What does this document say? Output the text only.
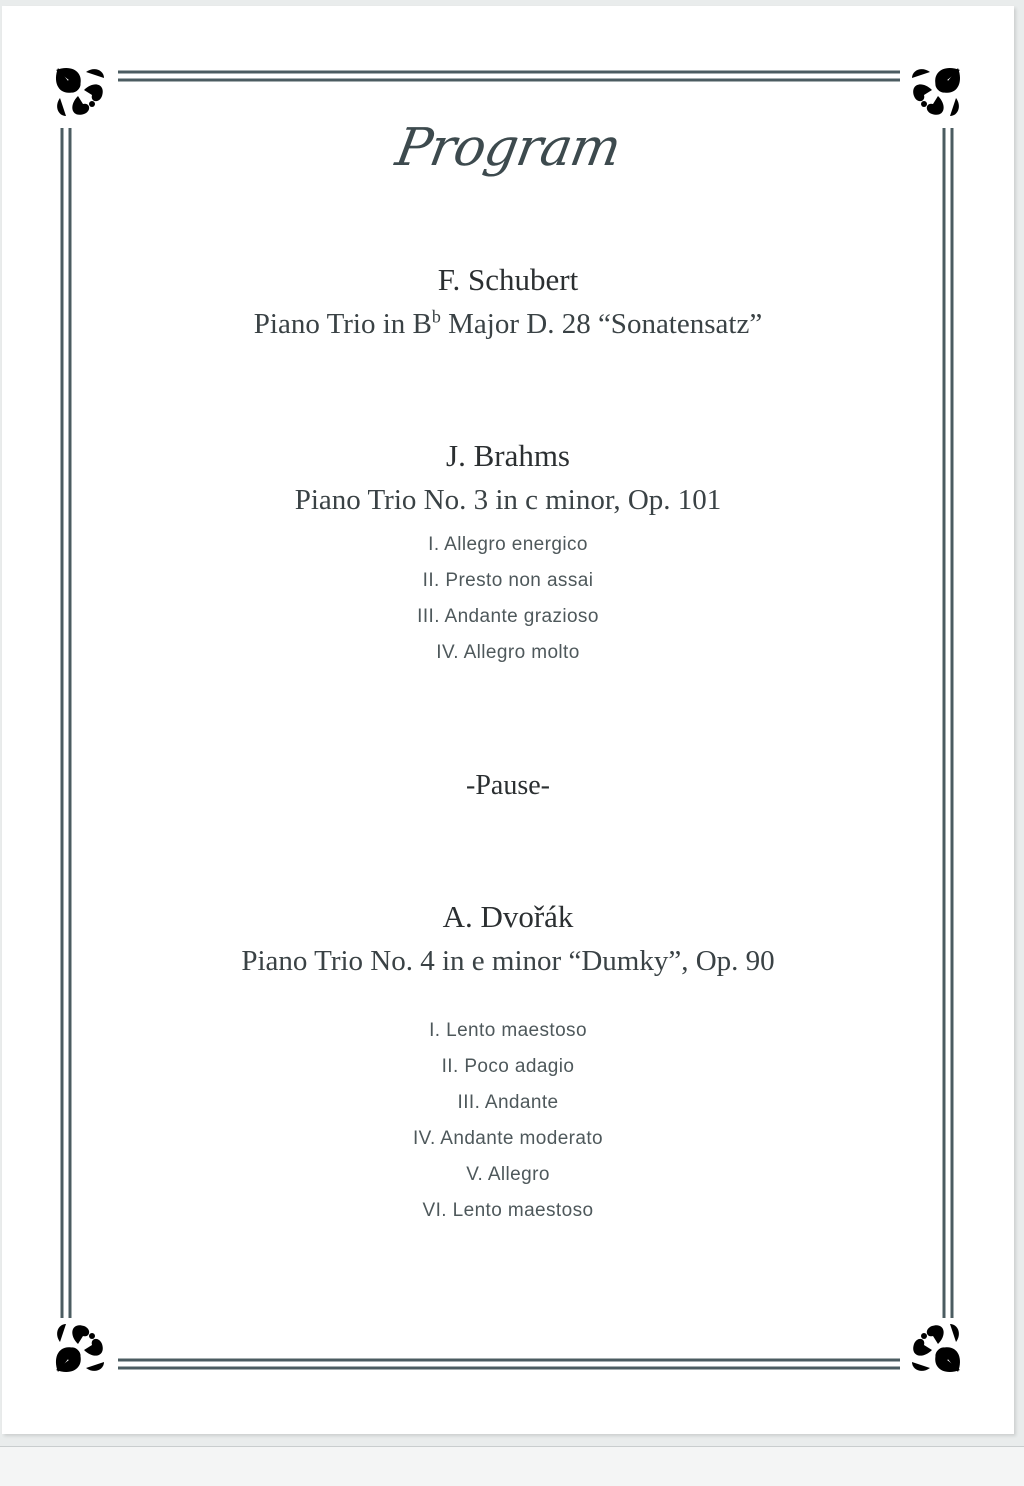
Program
F. Schubert
Piano Trio in $B^b$ Major D. 28 “Sonatensatz”
J. Brahms
Piano Trio No. 3 in c minor, Op. 101
I. Allegro energico
II. Presto non assai
III. Andante grazioso
IV. Allegro molto
-Pause-
A. Dvořák
Piano Trio No. 4 in e minor “Dumky”, Op. 90
I. Lento maestoso
II. Poco adagio
III. Andante
IV. Andante moderato
V. Allegro
VI. Lento maestoso
